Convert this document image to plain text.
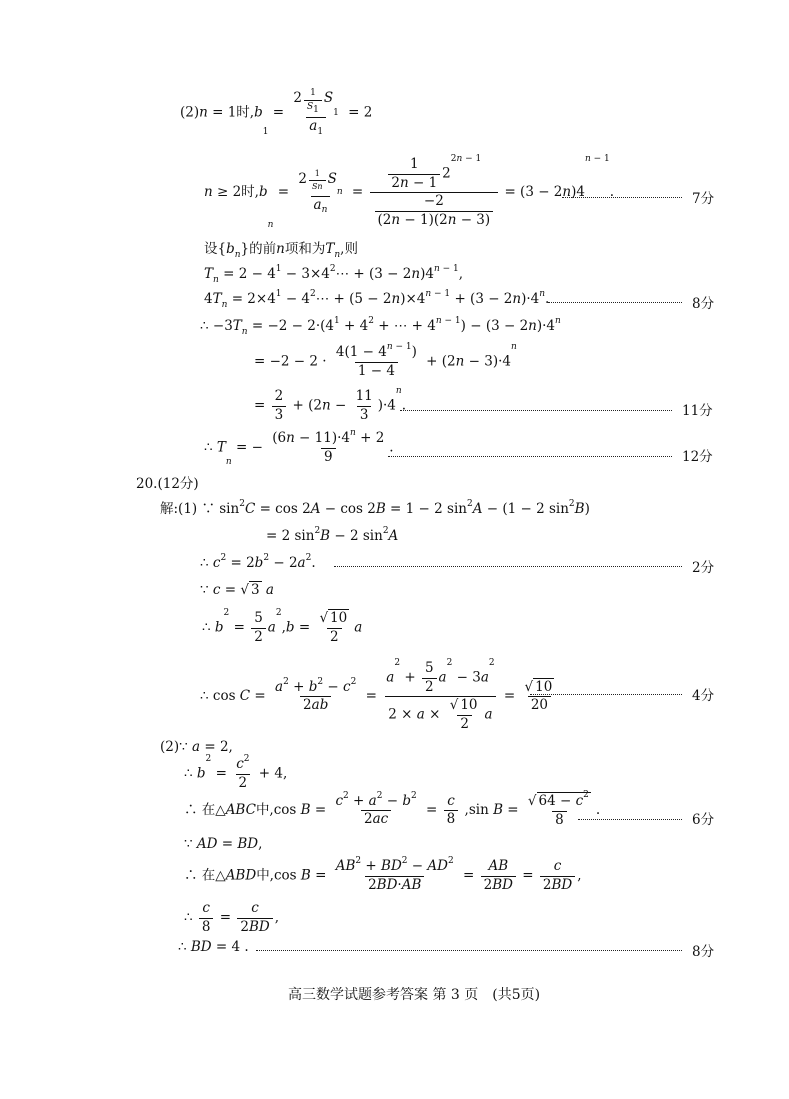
(2)n = 1时$,b_1 = 2$ $^{\frac{1}{S_1}}$ $S_1$
$a_1 = 2$
n ≥ 2时$,b_n = 2$ $^{\frac{1}{Sn}}$ $S_n$
$a_n = \frac{\frac{1}{2n - 1} 2^{2n - 1}}{\frac{-2}{(2n - 1)(2n - 3)}} = (3 - 2n)4^{n - 1}$.	7分
设$\{b_n\}$的前n项和为$T_n$,则
$T_n = 2 - 4^1$ − $3\times 4^2\cdots + (3 - 2n)4^{n - 1}$,
$4T_n = 2\times 4^1$ − $4^2\cdots + (5 - 2n)\times 4^{n - 1} + (3 - 2n)\cdot 4^n$.	8分
∴ $-3T_n = -2 - 2\cdot(4^1 + 4^2$ + ⋯ + $4^{n - 1}) - (3 - 2n)\cdot 4^n$
= $-2 - 2 \cdot \frac{4(1 - 4^{n - 1})}{1 - 4} + (2n - 3)\cdot 4^n$
= $\frac{2}{3} + (2n - \frac{11}{3} )\cdot 4^n$.	11分
∴ $T_n$ = − $\frac{(6n - 11)\cdot 4^n + 2}{9}$ .
12分
20.(12分)
解:(1) ∵ $\sin^2C = \cos 2A - \cos 2B = 1 - 2$ $\sin^2A - (1 - 2$ $\sin^2B$)
= 2 $\sin^2B - 2$ $\sin^2A$
∴ $c^2 = 2b^2 - 2a^2$.	2分
∵ c = √ 3 a
∴ $b^2 = \frac{5}{2} a^2,b = \frac{√ 10}{2}$ a
∴ $\cos C = \frac{a^2 + b^2 - c^2}{2ab} = \frac{a^2 + \frac{5}{2} a^2 - 3a^2}{2 \times a \times \frac{√ 10}{2} a} = \frac{√ 10}{20}$	4分
(2)∵ a = 2,
∴ $b^2 = \frac{c^2}{2} + 4$,
∴ 在△ABC中,cos $B = \frac{c^2 + a^2 - b^2}{2ac} = \frac{c}{8} ,\sin$ $B = \frac{√ 64 - c^2}{8}$ .
6分
∵ AD = BD,
∴ 在△ABD中,cos $B = \frac{AB^2 + BD^2 - AD^2}{2BD\cdot AB} = \frac{AB}{2BD} = \frac{c}{2BD}$ ,
∴ $\frac{c}{8} = \frac{c}{2BD}$ ,
∴ BD = 4 .	8分
高三数学试题参考答案 第 3 页　(共5页)
